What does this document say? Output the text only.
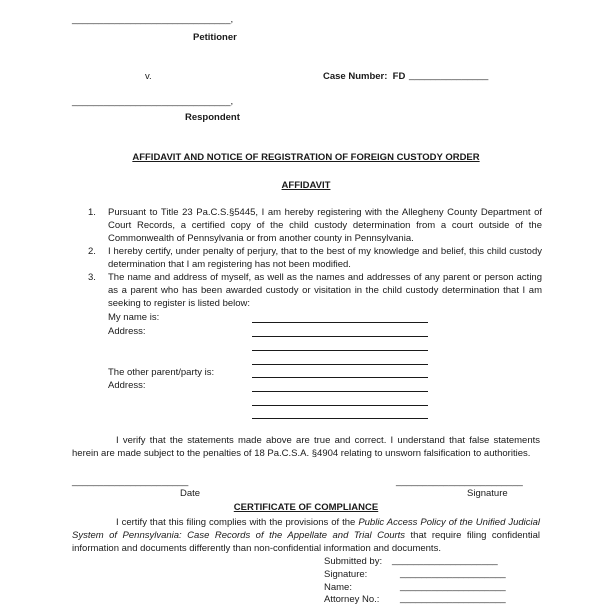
______________________________,
Petitioner
v.	Case Number:  FD _______________
______________________________,
Respondent
AFFIDAVIT AND NOTICE OF REGISTRATION OF FOREIGN CUSTODY ORDER
AFFIDAVIT
1.	Pursuant to Title 23 Pa.C.S.§5445, I am hereby registering with the Allegheny County Department of Court Records, a certified copy of the child custody determination from a court outside of the Commonwealth of Pennsylvania or from another county in Pennsylvania.
2.	I hereby certify, under penalty of perjury, that to the best of my knowledge and belief, this child custody determination that I am registering has not been modified.
3.	The name and address of myself, as well as the names and addresses of any parent or person acting as a parent who has been awarded custody or visitation in the child custody determination that I am seeking to register is listed below:
My name is:
Address:
The other parent/party is:
Address:
I verify that the statements made above are true and correct. I understand that false statements herein are made subject to the penalties of 18 Pa.C.S.A. §4904 relating to unsworn falsification to authorities.
______________________
Date
________________________
Signature
CERTIFICATE OF COMPLIANCE
I certify that this filing complies with the provisions of the Public Access Policy of the Unified Judicial System of Pennsylvania: Case Records of the Appellate and Trial Courts that require filing confidential information and documents differently than non-confidential information and documents.
Submitted by: ____________________
Signature:	____________________
Name:	____________________
Attorney No.: ____________________
